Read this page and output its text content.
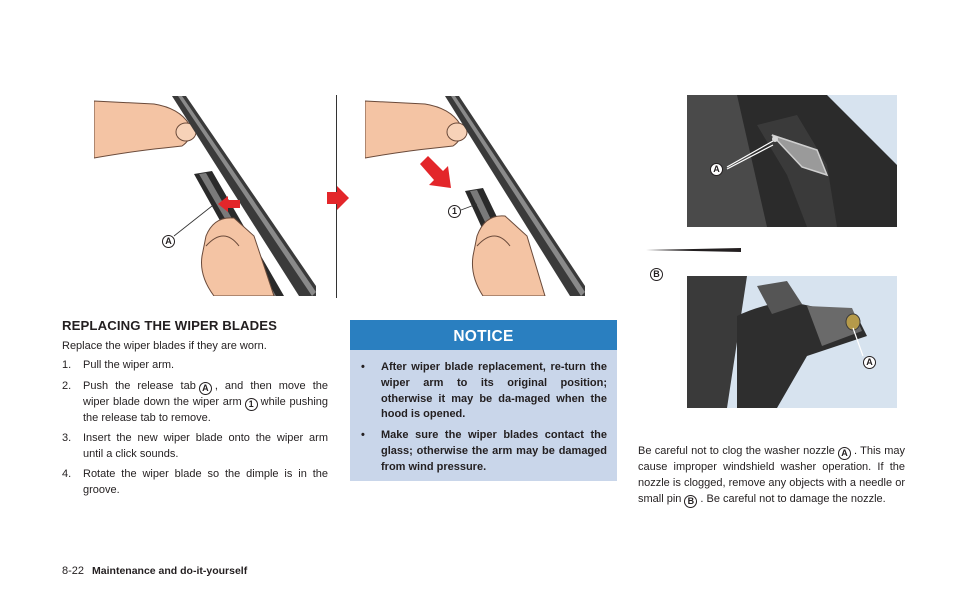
A
1
A
B
A
REPLACING THE WIPER BLADES
Replace the wiper blades if they are worn.
1. Pull the wiper arm.
2. Push the release tab A , and then move the wiper blade down the wiper arm 1 while pushing the release tab to remove.
3. Insert the new wiper blade onto the wiper arm until a click sounds.
4. Rotate the wiper blade so the dimple is in the groove.
NOTICE
• After wiper blade replacement, re-turn the wiper arm to its original position; otherwise it may be da-maged when the hood is opened.
• Make sure the wiper blades contact the glass; otherwise the arm may be damaged from wind pressure.
Be careful not to clog the washer nozzle A . This may cause improper windshield washer operation. If the nozzle is clogged, remove any objects with a needle or small pin B . Be careful not to damage the nozzle.
8-22 Maintenance and do-it-yourself
